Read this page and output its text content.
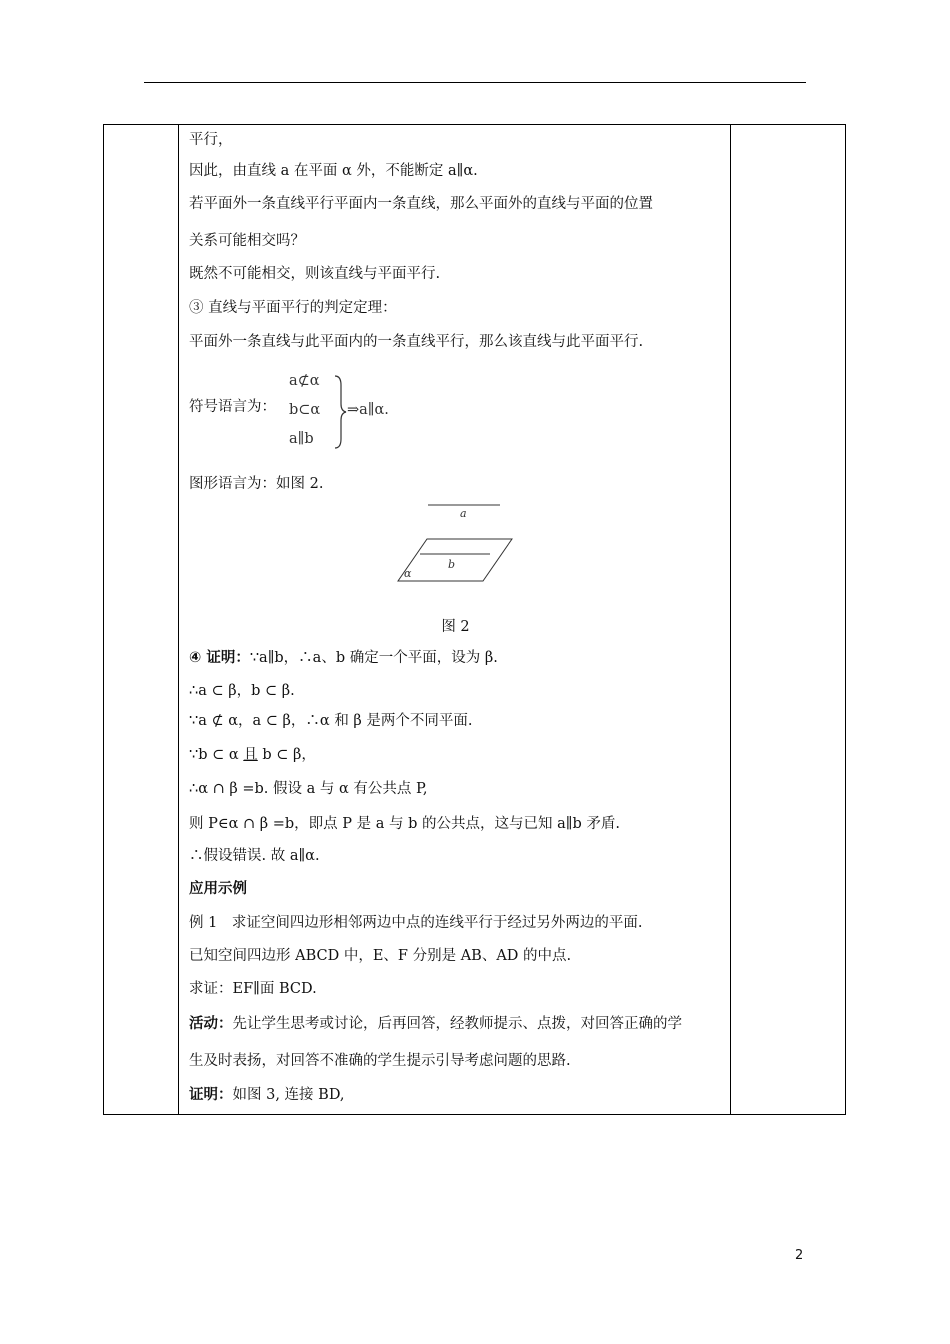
平行，
因此，由直线 a 在平面 α 外，不能断定 a∥α.
若平面外一条直线平行平面内一条直线，那么平面外的直线与平面的位置
关系可能相交吗？
既然不可能相交，则该直线与平面平行.
③ 直线与平面平行的判定定理：
平面外一条直线与此平面内的一条直线平行，那么该直线与此平面平行.
符号语言为：
a⊄α
b⊂α
a∥b
⇒a∥α.
图形语言为：如图 2.
a
b
α
图 2
④ 证明：∵a∥b，∴a、b 确定一个平面，设为 β.
∴a ⊂ β，b ⊂ β.
∵a ⊄ α，a ⊂ β，∴α 和 β 是两个不同平面.
∵b ⊂ α 且 b ⊂ β，
∴α ∩ β =b. 假设 a 与 α 有公共点 P,
则 P∈α ∩ β =b，即点 P 是 a 与 b 的公共点，这与已知 a∥b 矛盾.
∴假设错误. 故 a∥α.
应用示例
例 1　求证空间四边形相邻两边中点的连线平行于经过另外两边的平面.
已知空间四边形 ABCD 中，E、F 分别是 AB、AD 的中点.
求证：EF∥面 BCD.
活动：先让学生思考或讨论，后再回答，经教师提示、点拨，对回答正确的学
生及时表扬，对回答不准确的学生提示引导考虑问题的思路.
证明：如图 3, 连接 BD,
2
